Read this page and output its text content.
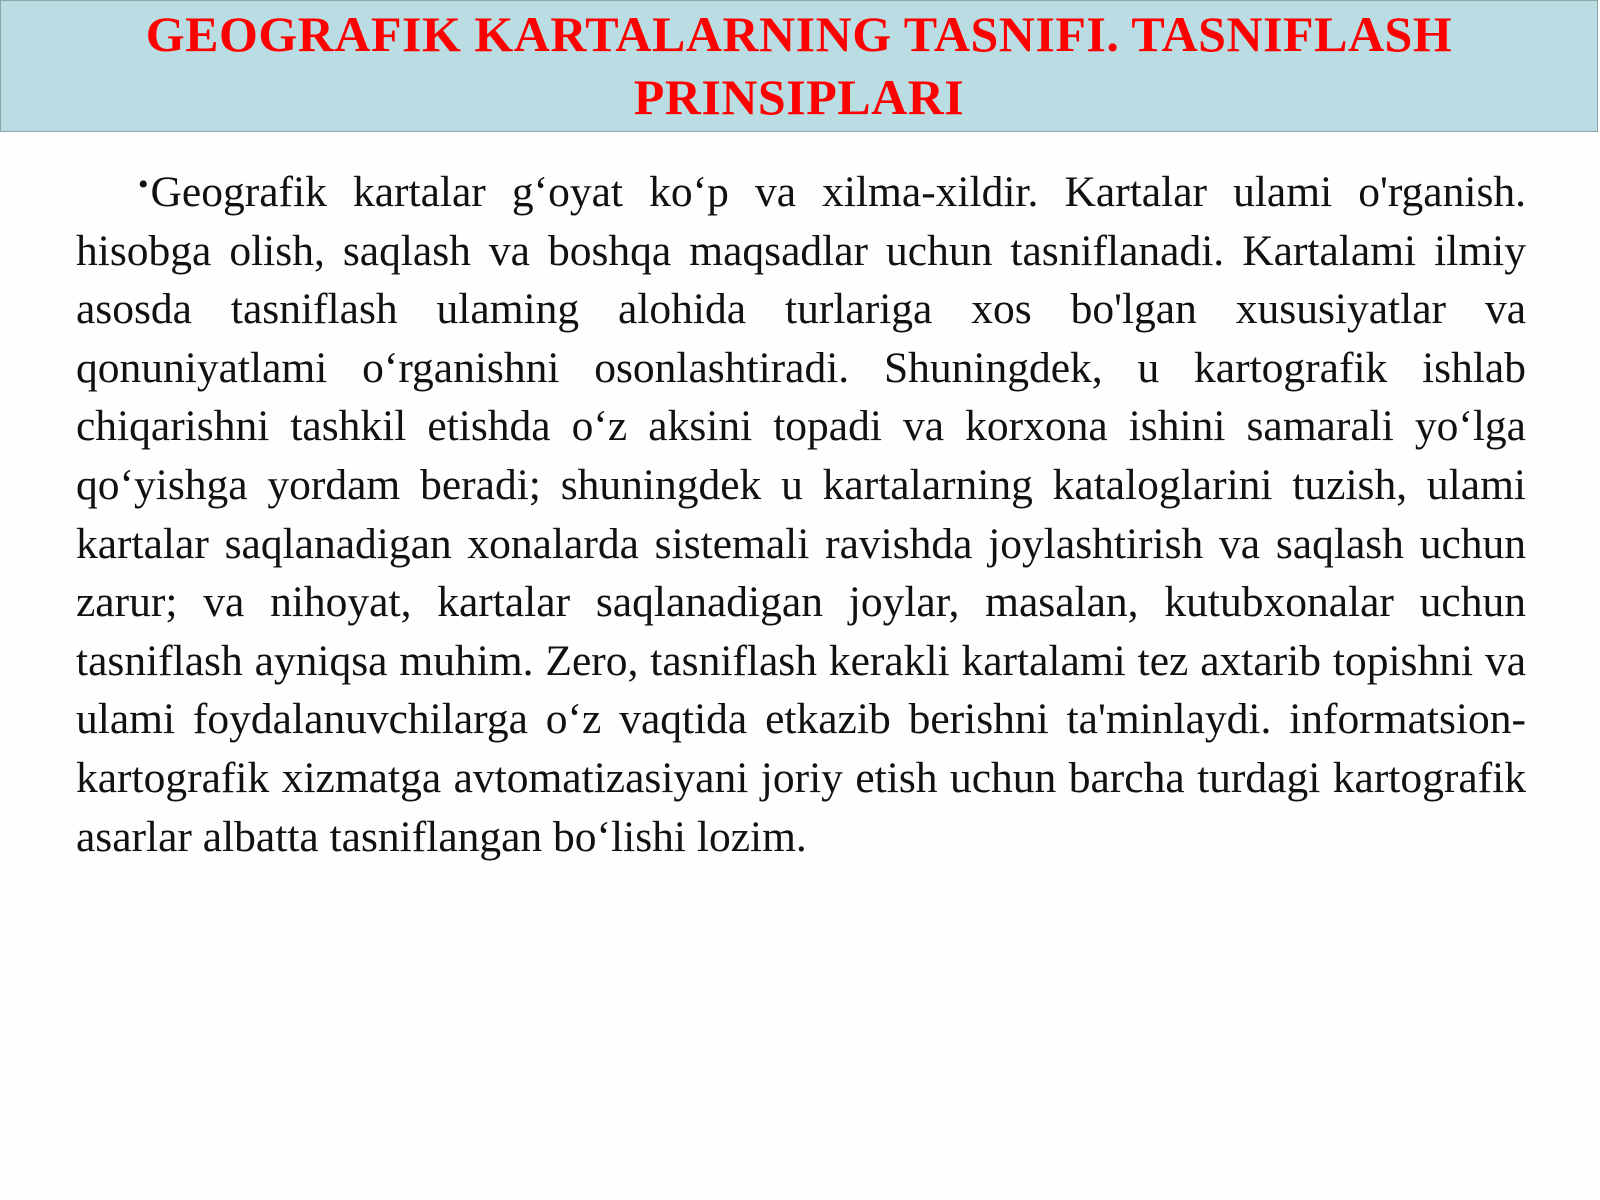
GEOGRAFIK KARTALARNING TASNIFI. TASNIFLASH PRINSIPLARI

•Geografik kartalar g‘oyat ko‘p va xilma-xildir. Kartalar ulami o'rganish. hisobga olish, saqlash va boshqa maqsadlar uchun tasniflanadi. Kartalami ilmiy asosda tasniflash ulaming alohida turlariga xos bo'lgan xususiyatlar va qonuniyatlami o‘rganishni osonlashtiradi. Shuningdek, u kartografik ishlab chiqarishni tashkil etishda o‘z aksini topadi va korxona ishini samarali yo‘lga qo‘yishga yordam beradi; shuningdek u kartalarning kataloglarini tuzish, ulami kartalar saqlanadigan xonalarda sistemali ravishda joylashtirish va saqlash uchun zarur; va nihoyat, kartalar saqlanadigan joylar, masalan, kutubxonalar uchun tasniflash ayniqsa muhim. Zero, tasniflash kerakli kartalami tez axtarib topishni va ulami foydalanuvchilarga o‘z vaqtida etkazib berishni ta'minlaydi. informatsion-kartografik xizmatga avtomatizasiyani joriy etish uchun barcha turdagi kartografik asarlar albatta tasniflangan bo‘lishi lozim.
